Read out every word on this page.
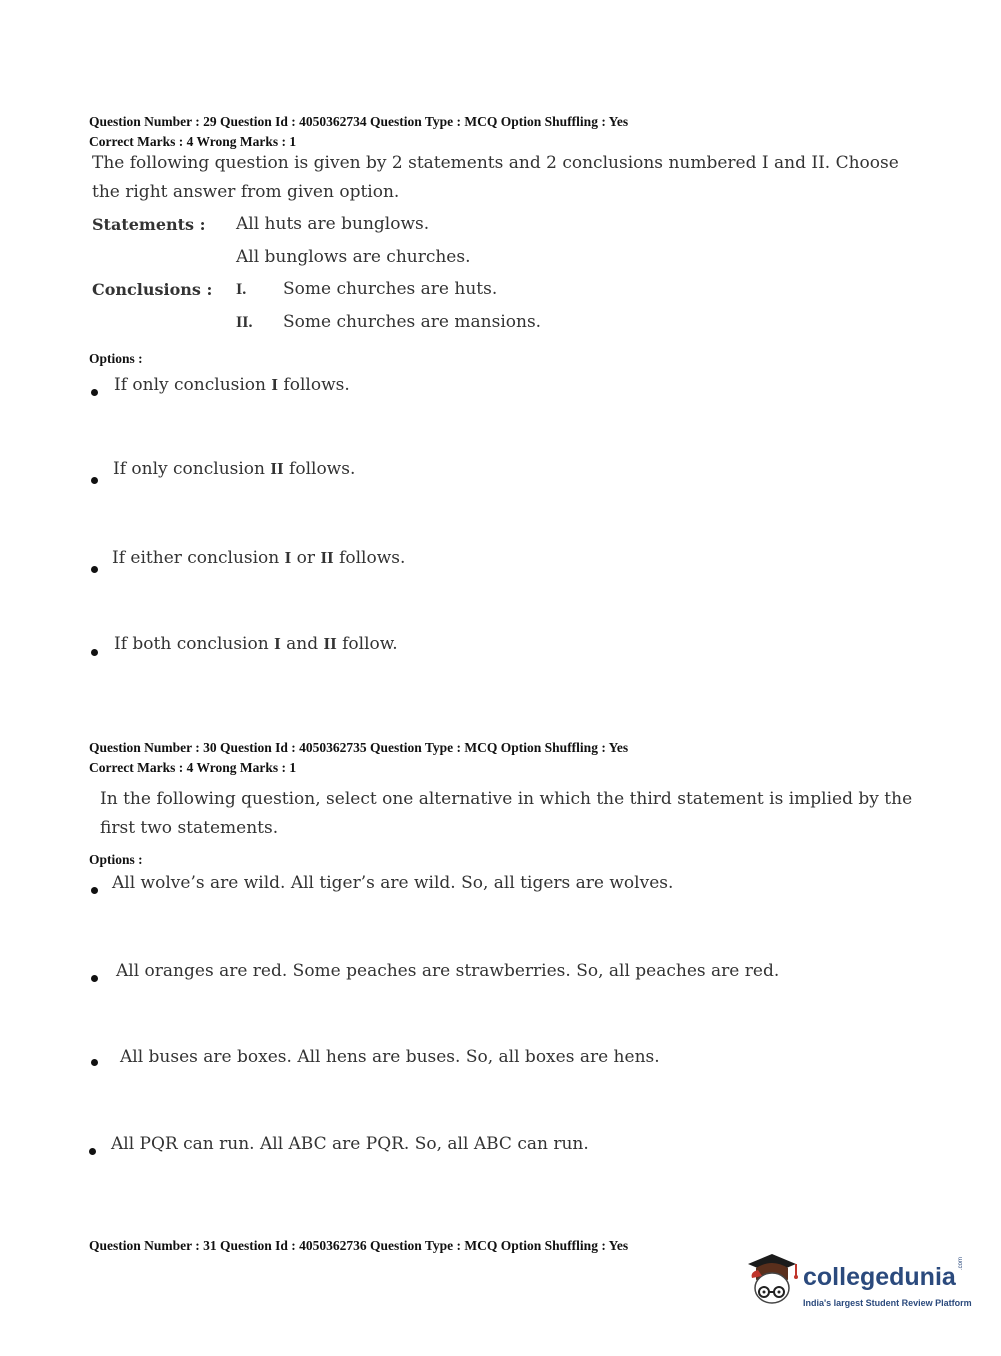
Question Number : 29 Question Id : 4050362734 Question Type : MCQ Option Shuffling : Yes
Correct Marks : 4 Wrong Marks : 1
The following question is given by 2 statements and 2 conclusions numbered I and II. Choose
the right answer from given option.
Statements : All huts are bunglows.
All bunglows are churches.
Conclusions : I. Some churches are huts.
II. Some churches are mansions.
Options :
If only conclusion I follows.
If only conclusion II follows.
If either conclusion I or II follows.
If both conclusion I and II follow.
Question Number : 30 Question Id : 4050362735 Question Type : MCQ Option Shuffling : Yes
Correct Marks : 4 Wrong Marks : 1
In the following question, select one alternative in which the third statement is implied by the
first two statements.
Options :
All wolve’s are wild. All tiger’s are wild. So, all tigers are wolves.
All oranges are red. Some peaches are strawberries. So, all peaches are red.
All buses are boxes. All hens are buses. So, all boxes are hens.
All PQR can run. All ABC are PQR. So, all ABC can run.
Question Number : 31 Question Id : 4050362736 Question Type : MCQ Option Shuffling : Yes
collegedunia .com
India's largest Student Review Platform
